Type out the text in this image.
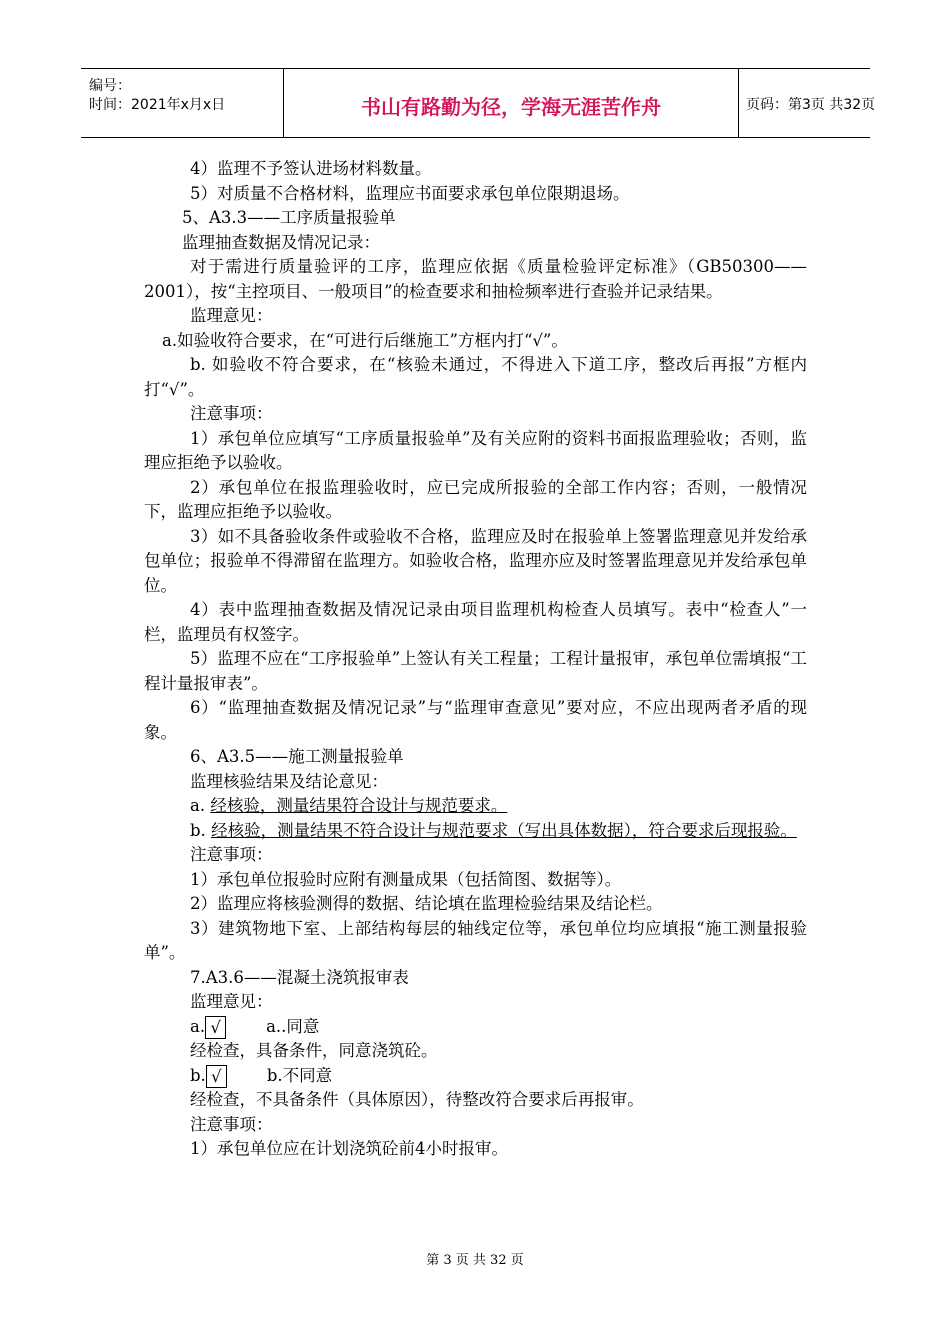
编号：
时间：2021年x月x日	书山有路勤为径，学海无涯苦作舟	页码：第3页 共32页

4）监理不予签认进场材料数量。

5）对质量不合格材料，监理应书面要求承包单位限期退场。

5、A3.3——工序质量报验单

监理抽查数据及情况记录：

对于需进行质量验评的工序，监理应依据《质量检验评定标准》（GB50300——2001），按“主控项目、一般项目”的检查要求和抽检频率进行查验并记录结果。

监理意见：

a.如验收符合要求，在“可进行后继施工”方框内打“√”。

b. 如验收不符合要求，在“核验未通过，不得进入下道工序，整改后再报”方框内打“√”。

注意事项：

1）承包单位应填写“工序质量报验单”及有关应附的资料书面报监理验收；否则，监理应拒绝予以验收。

2）承包单位在报监理验收时，应已完成所报验的全部工作内容；否则，一般情况下，监理应拒绝予以验收。

3）如不具备验收条件或验收不合格，监理应及时在报验单上签署监理意见并发给承包单位；报验单不得滞留在监理方。如验收合格，监理亦应及时签署监理意见并发给承包单位。

4）表中监理抽查数据及情况记录由项目监理机构检查人员填写。表中“检查人”一栏，监理员有权签字。

5）监理不应在“工序报验单”上签认有关工程量；工程计量报审，承包单位需填报“工程计量报审表”。

6）“监理抽查数据及情况记录”与“监理审查意见”要对应，不应出现两者矛盾的现象。

6、A3.5——施工测量报验单

监理核验结果及结论意见：

a. 经核验，测量结果符合设计与规范要求。

b. 经核验，测量结果不符合设计与规范要求（写出具体数据），符合要求后现报验。

注意事项：

1）承包单位报验时应附有测量成果（包括简图、数据等）。

2）监理应将核验测得的数据、结论填在监理检验结果及结论栏。

3）建筑物地下室、上部结构每层的轴线定位等，承包单位均应填报“施工测量报验单”。

7.A3.6——混凝土浇筑报审表

监理意见：

a. √	a..同意

经检查，具备条件，同意浇筑砼。

b. √	b.不同意

经检查，不具备条件（具体原因），待整改符合要求后再报审。

注意事项：

1）承包单位应在计划浇筑砼前4小时报审。

第 3 页 共 32 页
